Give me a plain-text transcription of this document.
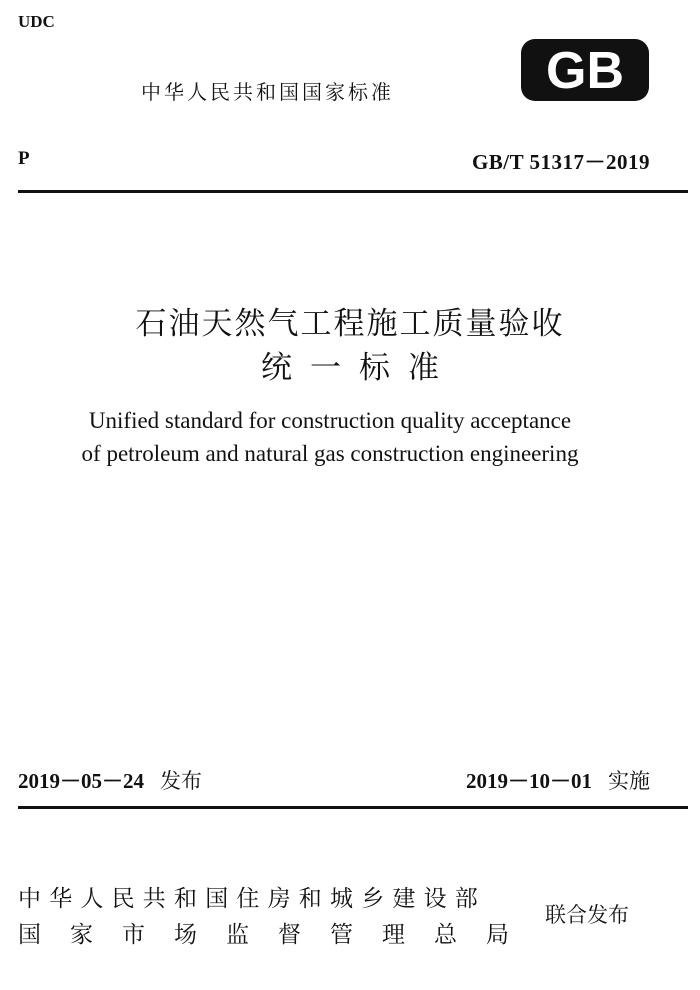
UDC
中华人民共和国国家标准	GB
P	GB/T 51317－2019
石油天然气工程施工质量验收
统一标准
Unified standard for construction quality acceptance
of petroleum and natural gas construction engineering
2019－05－24 发布	2019－10－01 实施
中华人民共和国住房和城乡建设部
国家市场监督管理总局
联合发布
